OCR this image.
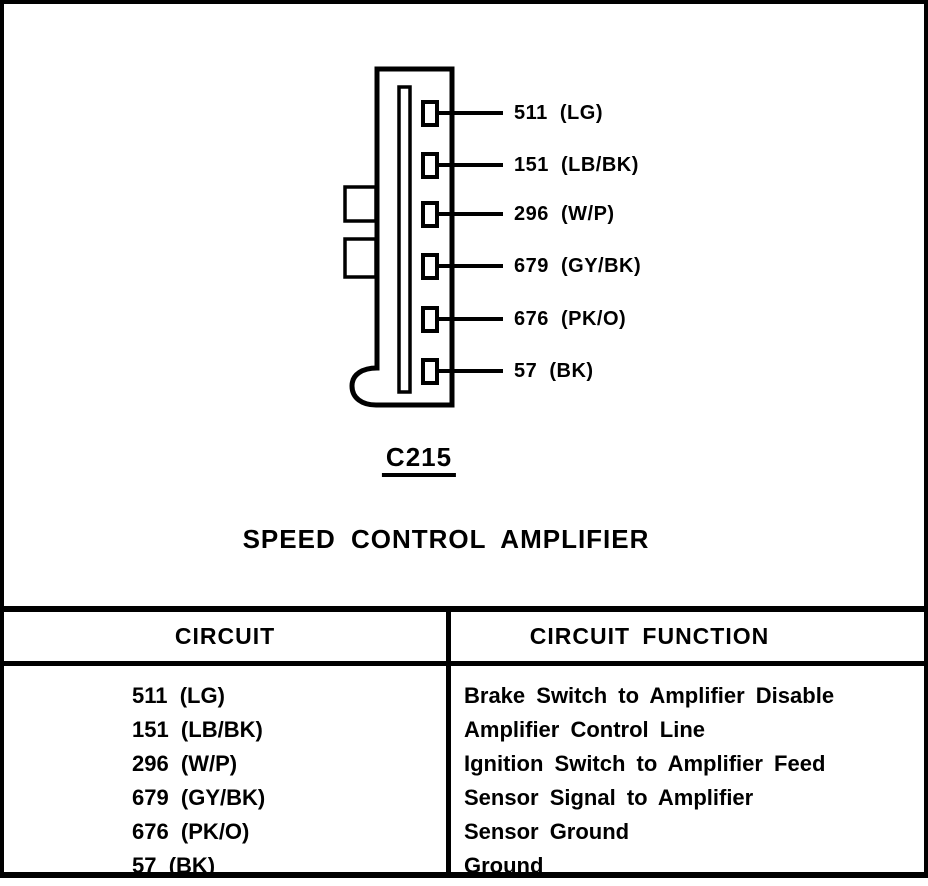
511  (LG)
151  (LB/BK)
296  (W/P)
679  (GY/BK)
676  (PK/O)
57  (BK)
C215
SPEED CONTROL AMPLIFIER
CIRCUIT	CIRCUIT FUNCTION
511  (LG)
151  (LB/BK)
296  (W/P)
679  (GY/BK)
676  (PK/O)
57  (BK)
Brake Switch to Amplifier Disable
Amplifier Control Line
Ignition Switch to Amplifier Feed
Sensor Signal to Amplifier
Sensor Ground
Ground
